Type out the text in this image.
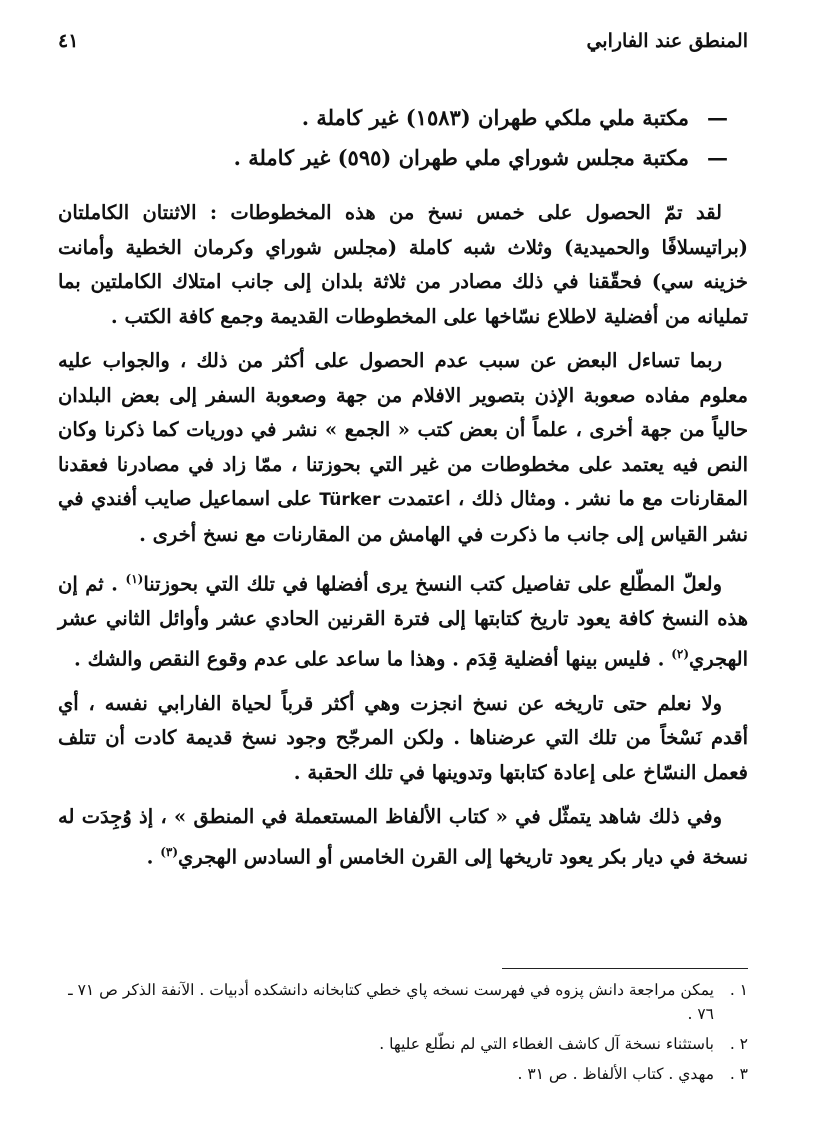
المنطق عند الفارابي
٤١
—مكتبة ملي ملكي طهران (١٥٨٣) غير كاملة .
—مكتبة مجلس شوراي ملي طهران (٥٩٥) غير كاملة .

لقد تمّ الحصول على خمس نسخ من هذه المخطوطات : الاثنتان الكاملتان (براتيسلافًا والحميدية) وثلاث شبه كاملة (مجلس شوراي وكرمان الخطية وأمانت خزينه سي) فحقّقنا في ذلك مصادر من ثلاثة بلدان إلى جانب امتلاك الكاملتين بما تمليانه من أفضلية لاطلاع نسّاخها على المخطوطات القديمة وجمع كافة الكتب .

ربما تساءل البعض عن سبب عدم الحصول على أكثر من ذلك ، والجواب عليه معلوم مفاده صعوبة الإذن بتصوير الافلام من جهة وصعوبة السفر إلى بعض البلدان حالياً من جهة أخرى ، علماً أن بعض كتب « الجمع » نشر في دوريات كما ذكرنا وكان النص فيه يعتمد على مخطوطات من غير التي بحوزتنا ، ممّا زاد في مصادرنا فعقدنا المقارنات مع ما نشر . ومثال ذلك ، اعتمدت Türker على اسماعيل صايب أفندي في نشر القياس إلى جانب ما ذكرت في الهامش من المقارنات مع نسخ أخرى .

ولعلّ المطّلع على تفاصيل كتب النسخ يرى أفضلها في تلك التي بحوزتنا$^{(١)}$ . ثم إن هذه النسخ كافة يعود تاريخ كتابتها إلى فترة القرنين الحادي عشر وأوائل الثاني عشر الهجري$^{(٢)}$ . فليس بينها أفضلية قِدَم . وهذا ما ساعد على عدم وقوع النقص والشك .

ولا نعلم حتى تاريخه عن نسخ انجزت وهي أكثر قرباً لحياة الفارابي نفسه ، أي أقدم نَسْخاً من تلك التي عرضناها . ولكن المرجّح وجود نسخ قديمة كادت أن تتلف فعمل النسّاخ على إعادة كتابتها وتدوينها في تلك الحقبة .

وفي ذلك شاهد يتمثّل في « كتاب الألفاظ المستعملة في المنطق » ، إذ وُجِدَت له نسخة في ديار بكر يعود تاريخها إلى القرن الخامس أو السادس الهجري$^{(٣)}$ .

١ .
يمكن مراجعة دانش پزوه في فهرست نسخه پاي خطي كتابخانه دانشكده أدبيات . الآنفة الذكر ص ٧١ ـ ٧٦ .
٢ .
باستثناء نسخة آل كاشف الغطاء التي لم نطّلع عليها .
٣ .
مهدي . كتاب الألفاظ . ص ٣١ .
